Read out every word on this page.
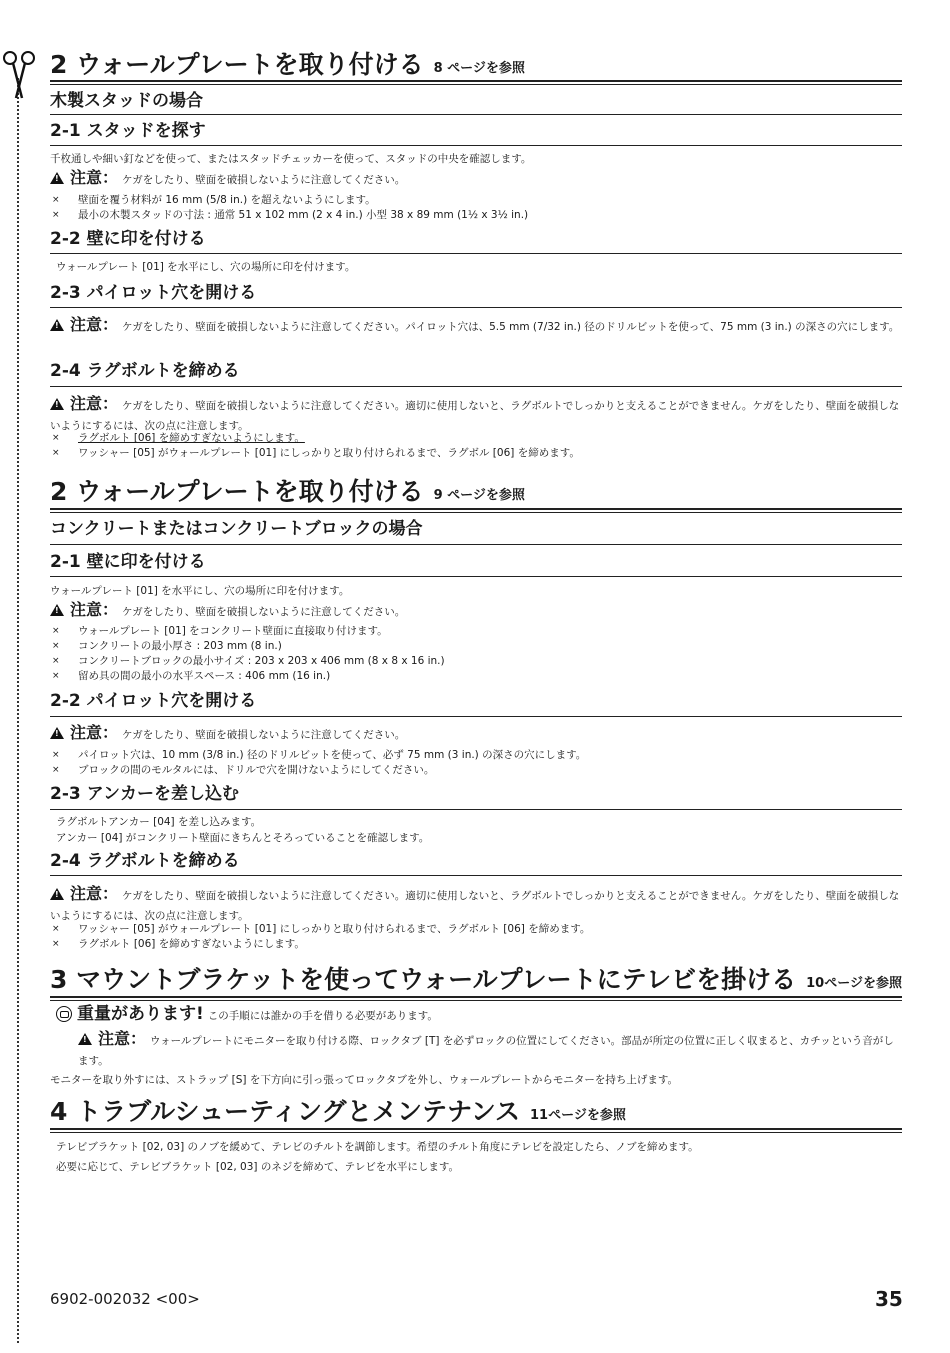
2 ウォールプレートを取り付ける 8 ページを参照
木製スタッドの場合
2-1 スタッドを探す
千枚通しや細い釘などを使って、またはスタッドチェッカーを使って、スタッドの中央を確認します。
!注意： ケガをしたり、壁面を破損しないように注意してください。
× 壁面を覆う材料が 16 mm (5/8 in.) を超えないようにします。
× 最小の木製スタッドの寸法 : 通常 51 x 102 mm (2 x 4 in.) 小型 38 x 89 mm (1½ x 3½ in.)
2-2 壁に印を付ける
ウォールプレート [01] を水平にし、穴の場所に印を付けます。
2-3 パイロット穴を開ける
!注意： ケガをしたり、壁面を破損しないように注意してください。パイロット穴は、5.5 mm (7/32 in.) 径のドリルビットを使って、75 mm (3 in.) の深さの穴にします。
2-4 ラグボルトを締める
!注意： ケガをしたり、壁面を破損しないように注意してください。適切に使用しないと、ラグボルトでしっかりと支えることができません。ケガをしたり、壁面を破損しないようにするには、次の点に注意します。
× ラグボルト [06] を締めすぎないようにします。
× ワッシャー [05] がウォールプレート [01] にしっかりと取り付けられるまで、ラグボル [06] を締めます。
2 ウォールプレートを取り付ける 9 ページを参照
コンクリートまたはコンクリートブロックの場合
2-1 壁に印を付ける
ウォールプレート [01] を水平にし、穴の場所に印を付けます。
!注意： ケガをしたり、壁面を破損しないように注意してください。
× ウォールプレート [01] をコンクリート壁面に直接取り付けます。
× コンクリートの最小厚さ : 203 mm (8 in.)
× コンクリートブロックの最小サイズ : 203 x 203 x 406 mm (8 x 8 x 16 in.)
× 留め具の間の最小の水平スペース : 406 mm (16 in.)
2-2 パイロット穴を開ける
!注意： ケガをしたり、壁面を破損しないように注意してください。
× パイロット穴は、10 mm (3/8 in.) 径のドリルビットを使って、必ず 75 mm (3 in.) の深さの穴にします。
× ブロックの間のモルタルには、ドリルで穴を開けないようにしてください。
2-3 アンカーを差し込む
ラグボルトアンカー [04] を差し込みます。
アンカー [04] がコンクリート壁面にきちんとそろっていることを確認します。
2-4 ラグボルトを締める
!注意： ケガをしたり、壁面を破損しないように注意してください。適切に使用しないと、ラグボルトでしっかりと支えることができません。ケガをしたり、壁面を破損しないようにするには、次の点に注意します。
× ワッシャー [05] がウォールプレート [01] にしっかりと取り付けられるまで、ラグボルト [06] を締めます。
× ラグボルト [06] を締めすぎないようにします。
3 マウントブラケットを使ってウォールプレートにテレビを掛ける 10ページを参照
重量があります! この手順には誰かの手を借りる必要があります。
!注意： ウォールプレートにモニターを取り付ける際、ロックタブ [T] を必ずロックの位置にしてください。部品が所定の位置に正しく収まると、カチッという音がします。
モニターを取り外すには、ストラップ [S] を下方向に引っ張ってロックタブを外し、ウォールプレートからモニターを持ち上げます。
4 トラブルシューティングとメンテナンス 11ページを参照
テレビブラケット [02, 03] のノブを緩めて、テレビのチルトを調節します。希望のチルト角度にテレビを設定したら、ノブを締めます。
必要に応じて、テレビブラケット [02, 03] のネジを締めて、テレビを水平にします。
6902-002032 <00>	35
